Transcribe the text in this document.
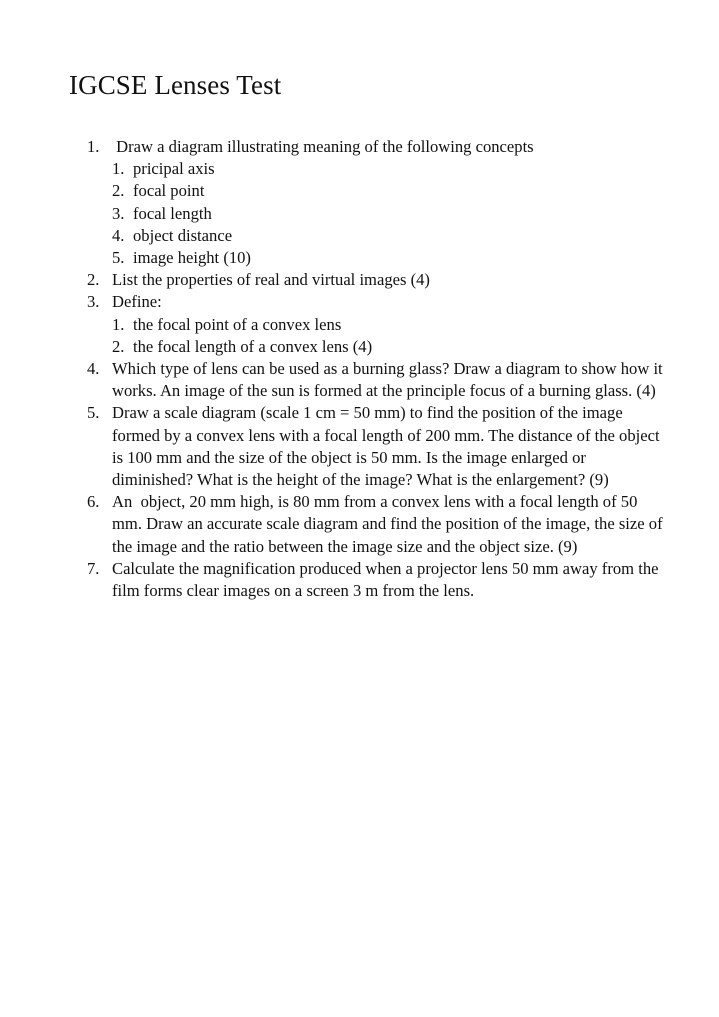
IGCSE Lenses Test
1. Draw a diagram illustrating meaning of the following concepts
1. pricipal axis
2. focal point
3. focal length
4. object distance
5. image height (10)
2. List the properties of real and virtual images (4)
3. Define:
1. the focal point of a convex lens
2. the focal length of a convex lens (4)
4. Which type of lens can be used as a burning glass? Draw a diagram to show how it works. An image of the sun is formed at the principle focus of a burning glass. (4)
5. Draw a scale diagram (scale 1 cm = 50 mm) to find the position of the image formed by a convex lens with a focal length of 200 mm. The distance of the object is 100 mm and the size of the object is 50 mm. Is the image enlarged or diminished? What is the height of the image? What is the enlargement? (9)
6. An  object, 20 mm high, is 80 mm from a convex lens with a focal length of 50 mm. Draw an accurate scale diagram and find the position of the image, the size of the image and the ratio between the image size and the object size. (9)
7. Calculate the magnification produced when a projector lens 50 mm away from the film forms clear images on a screen 3 m from the lens.
